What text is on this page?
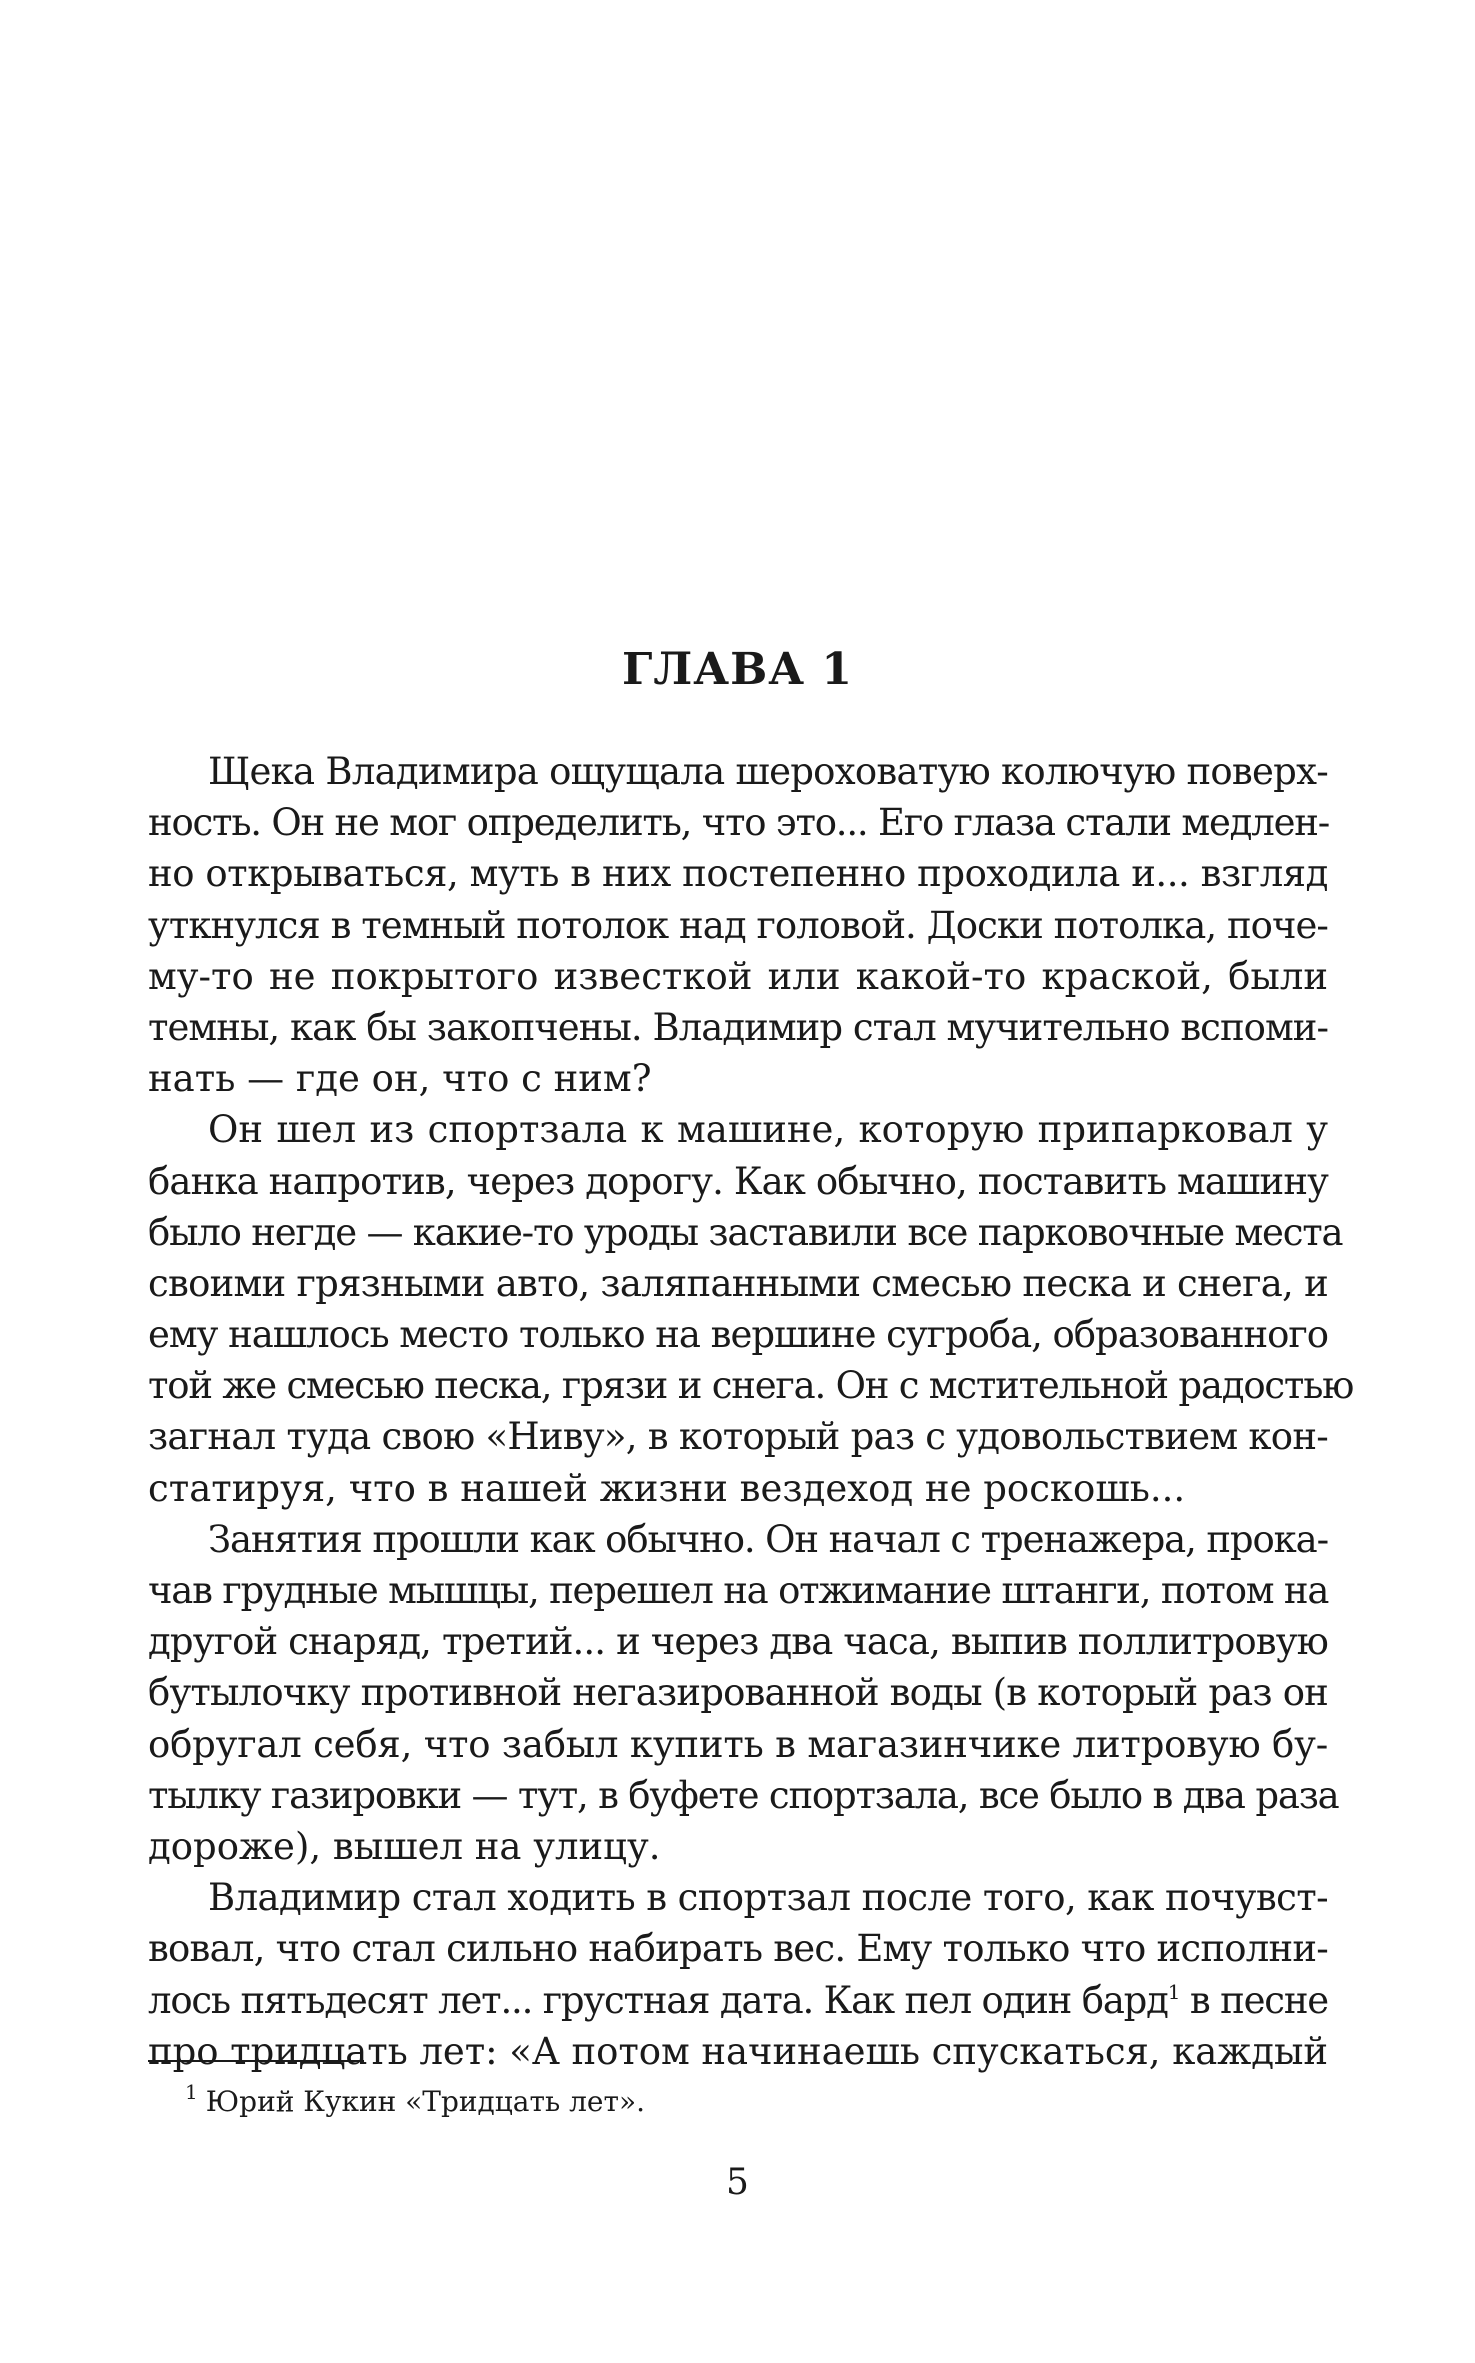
ГЛАВА 1
Щека Владимира ощущала шероховатую колючую поверх-
ность. Он не мог определить, что это... Его глаза стали медлен-
но открываться, муть в них постепенно проходила и... взгляд
уткнулся в темный потолок над головой. Доски потолка, поче-
му-то не покрытого известкой или какой-то краской, были
темны, как бы закопчены. Владимир стал мучительно вспоми-
нать — где он, что с ним?
Он шел из спортзала к машине, которую припарковал у
банка напротив, через дорогу. Как обычно, поставить машину
было негде — какие-то уроды заставили все парковочные места
своими грязными авто, заляпанными смесью песка и снега, и
ему нашлось место только на вершине сугроба, образованного
той же смесью песка, грязи и снега. Он с мстительной радостью
загнал туда свою «Ниву», в который раз с удовольствием кон-
статируя, что в нашей жизни вездеход не роскошь...
Занятия прошли как обычно. Он начал с тренажера, прока-
чав грудные мышцы, перешел на отжимание штанги, потом на
другой снаряд, третий... и через два часа, выпив поллитровую
бутылочку противной негазированной воды (в который раз он
обругал себя, что забыл купить в магазинчике литровую бу-
тылку газировки — тут, в буфете спортзала, все было в два раза
дороже), вышел на улицу.
Владимир стал ходить в спортзал после того, как почувст-
вовал, что стал сильно набирать вес. Ему только что исполни-
лось пятьдесят лет... грустная дата. Как пел один бард$^1$ в песне
про тридцать лет: «А потом начинаешь спускаться, каждый
$^1$ Юрий Кукин «Тридцать лет».
5
